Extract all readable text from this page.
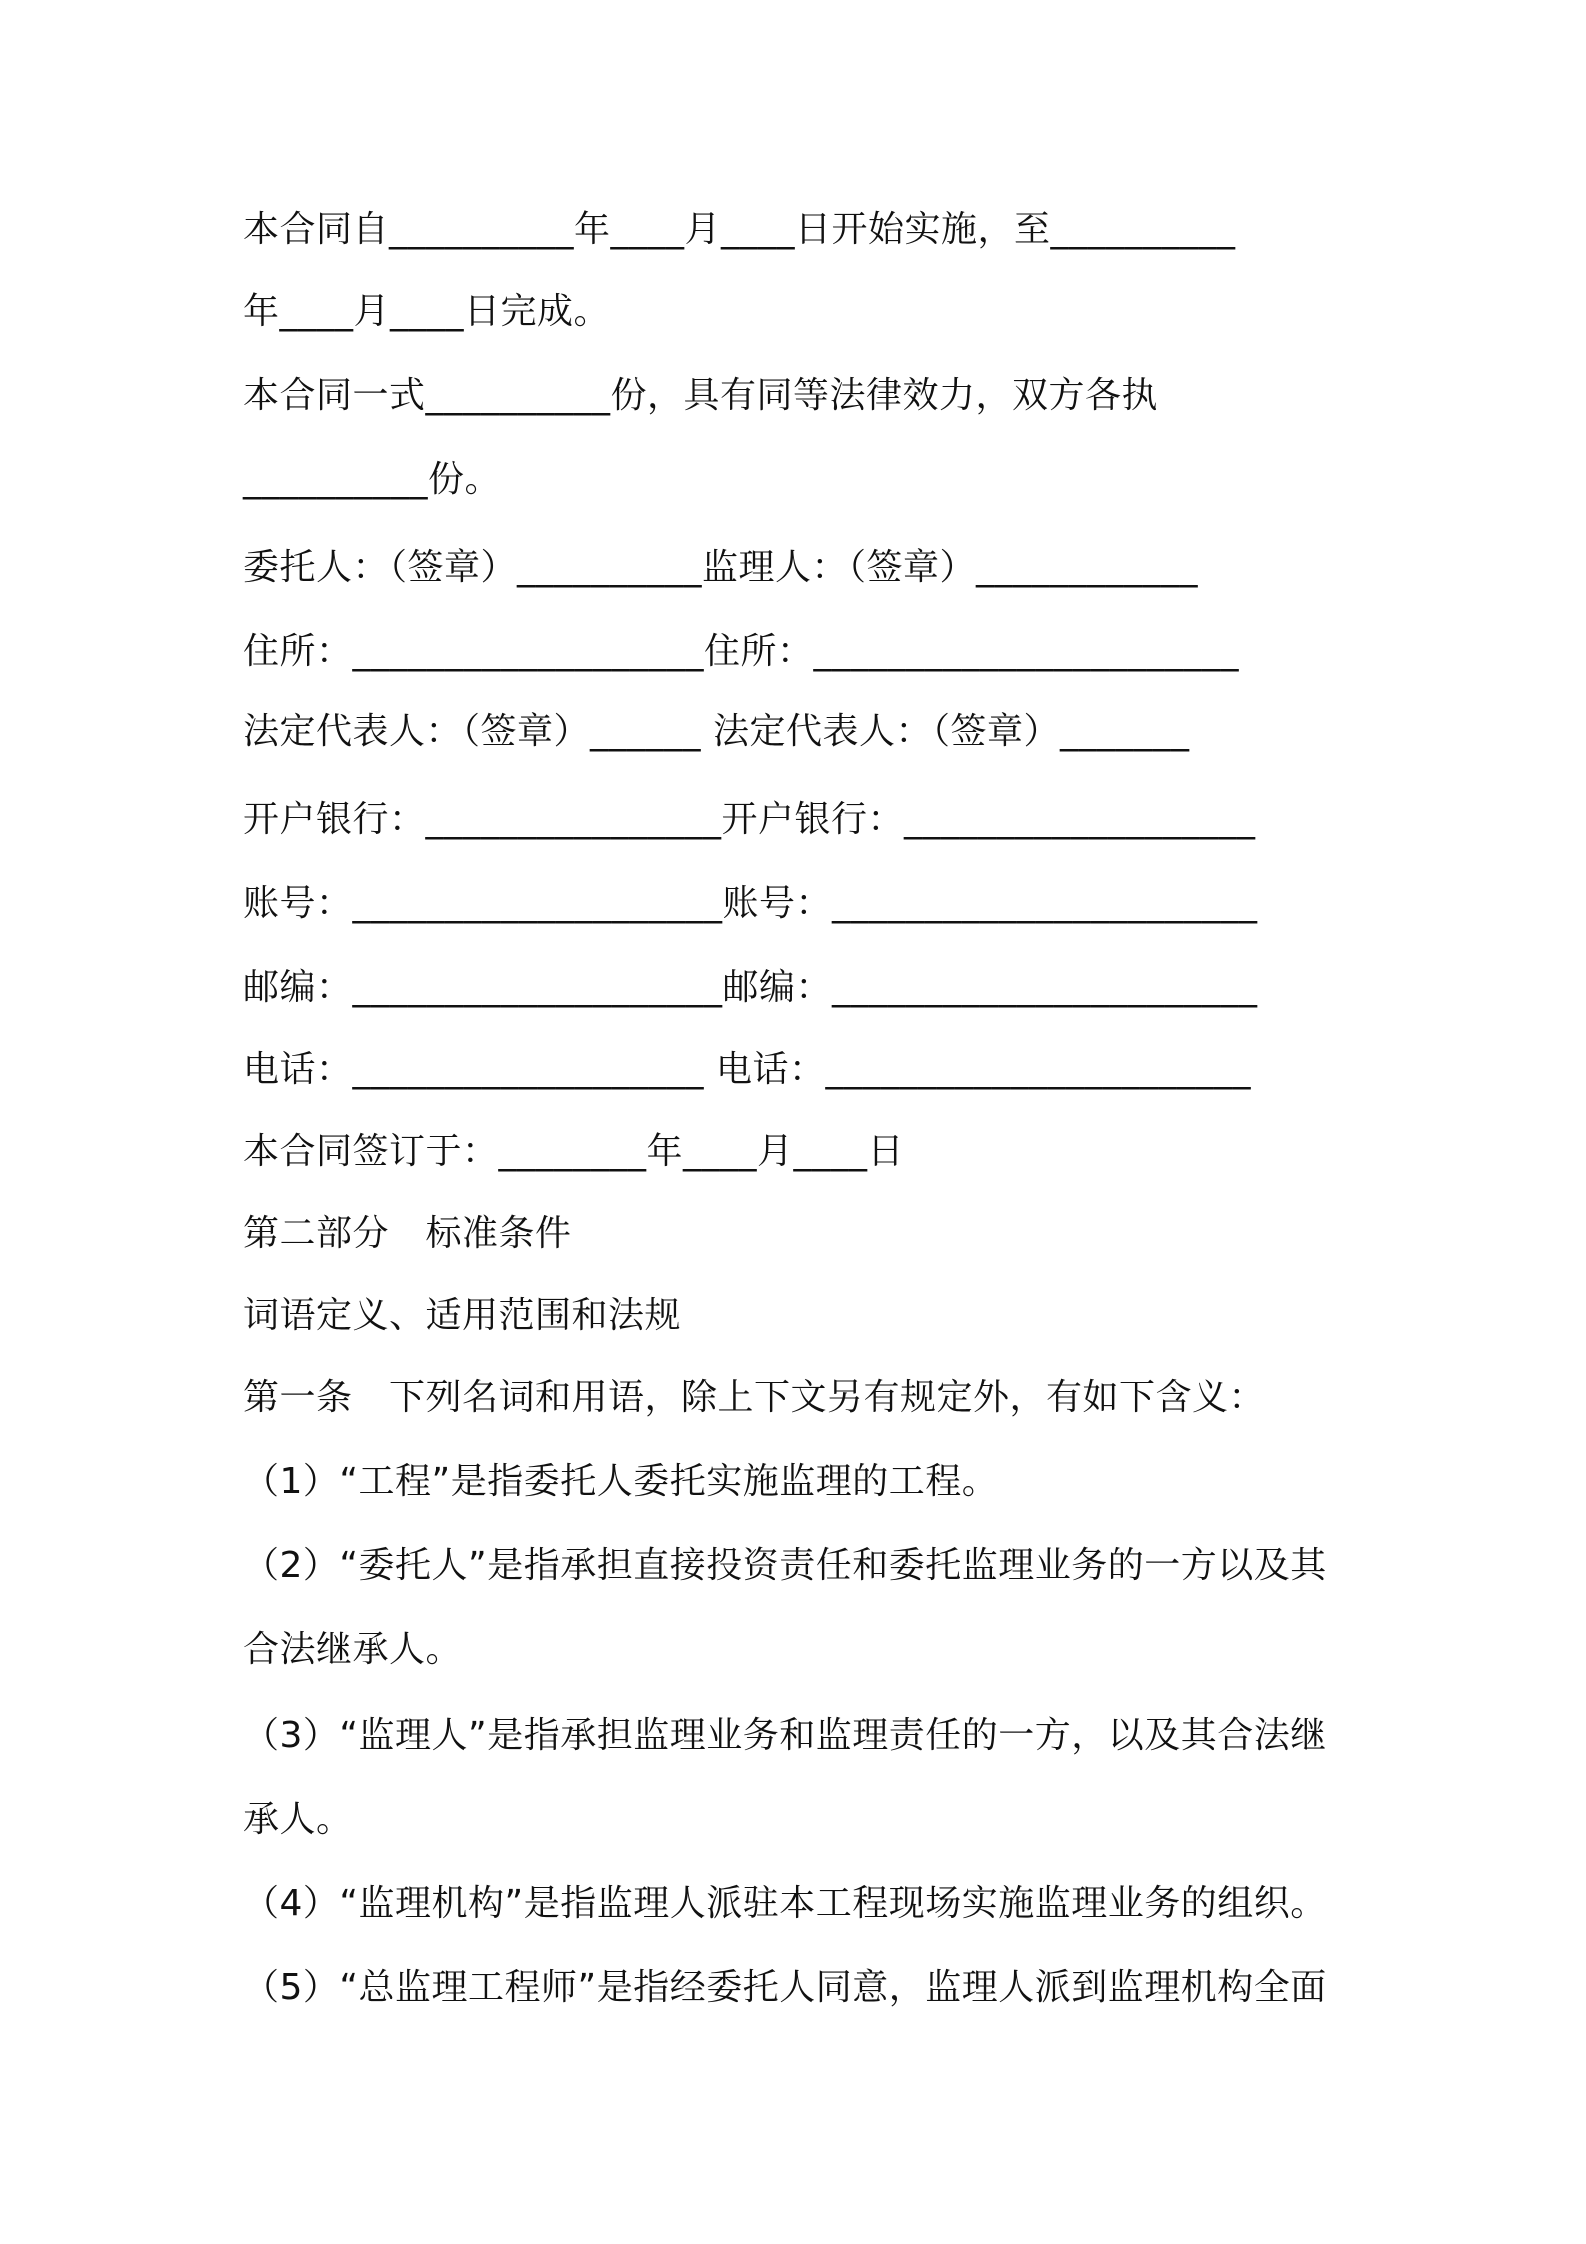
本合同自__________年____月____日开始实施，至__________
年____月____日完成。
本合同一式__________份，具有同等法律效力，双方各执
__________份。
委托人：（签章）__________监理人：（签章）____________
住所：___________________住所：_______________________
法定代表人：（签章）______ 法定代表人：（签章）_______
开户银行：________________开户银行：___________________
账号：____________________账号：_______________________
邮编：____________________邮编：_______________________
电话：___________________ 电话：_______________________
本合同签订于：________年____月____日
第二部分　标准条件
词语定义、适用范围和法规
第一条　下列名词和用语，除上下文另有规定外，有如下含义：
（1）“工程”是指委托人委托实施监理的工程。
（2）“委托人”是指承担直接投资责任和委托监理业务的一方以及其
合法继承人。
（3）“监理人”是指承担监理业务和监理责任的一方，以及其合法继
承人。
（4）“监理机构”是指监理人派驻本工程现场实施监理业务的组织。
（5）“总监理工程师”是指经委托人同意，监理人派到监理机构全面
